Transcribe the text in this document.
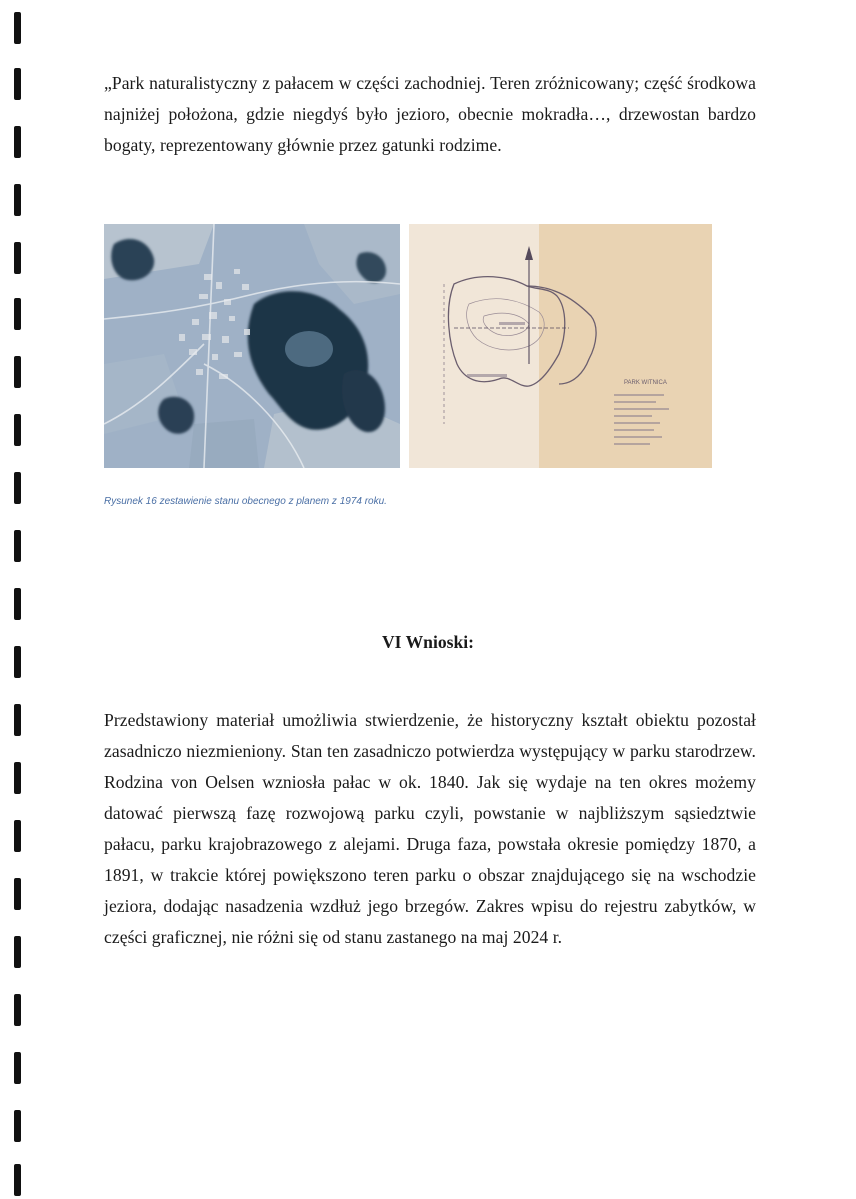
„Park naturalistyczny z pałacem w części zachodniej. Teren zróżnicowany; część środkowa najniżej położona, gdzie niegdyś było jezioro, obecnie mokradła…, drzewostan bardzo bogaty, reprezentowany głównie przez gatunki rodzime.

PARK WITNICA

Rysunek 16 zestawienie stanu obecnego z planem z 1974 roku.

VI Wnioski:

Przedstawiony materiał umożliwia stwierdzenie, że historyczny kształt obiektu pozostał zasadniczo niezmieniony. Stan ten zasadniczo potwierdza występujący w parku starodrzew. Rodzina von Oelsen wzniosła pałac w ok. 1840. Jak się wydaje na ten okres możemy datować pierwszą fazę rozwojową parku czyli, powstanie w najbliższym sąsiedztwie pałacu, parku krajobrazowego z alejami. Druga faza, powstała okresie pomiędzy 1870, a 1891, w trakcie której powiększono teren parku o obszar znajdującego się na wschodzie jeziora, dodając nasadzenia wzdłuż jego brzegów. Zakres wpisu do rejestru zabytków, w części graficznej, nie różni się od stanu zastanego na maj 2024 r.
